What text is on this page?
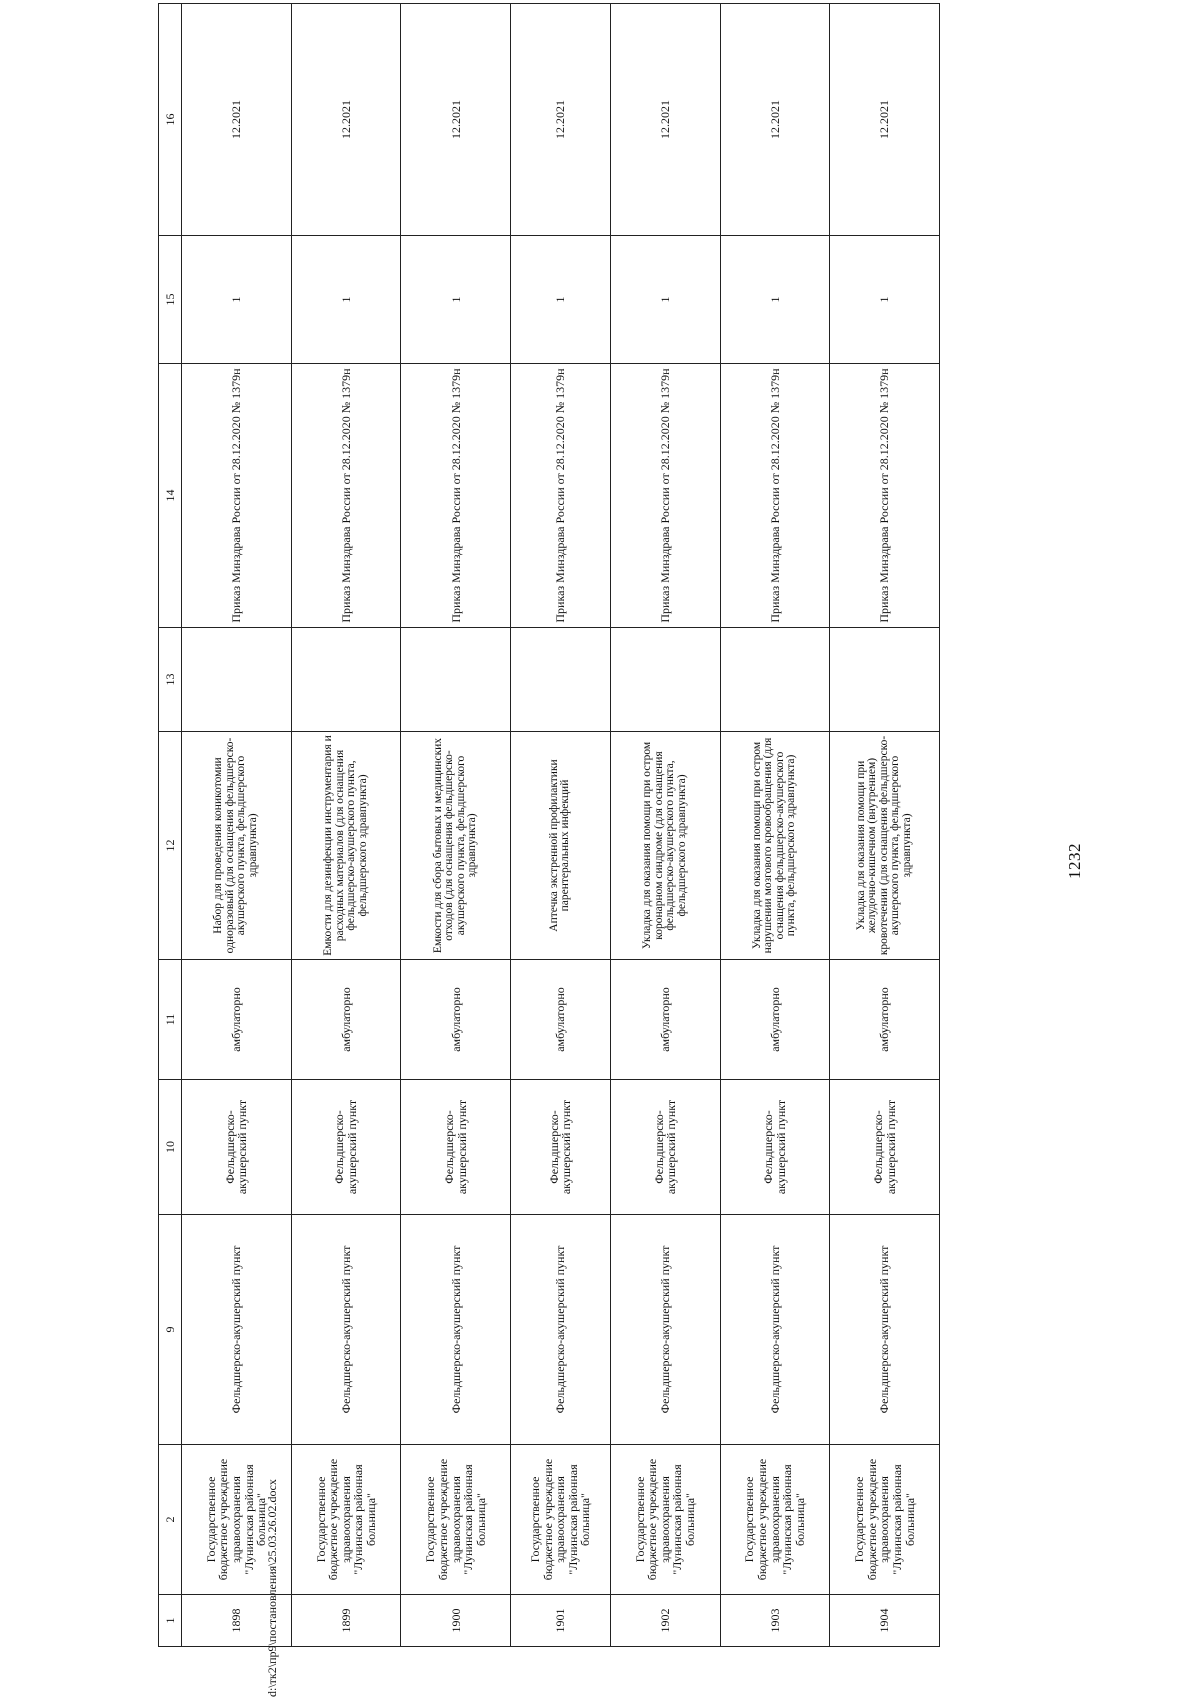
1232
1	2	9	10	11	12	13	14	15	16
1898	Государственное бюджетное учреждение здравоохранения "Лунинская районная больница"	Фельдшерско-акушерский пункт	Фельдшерско-акушерский пункт	амбулаторно	Набор для проведения коникотомии одноразовый (для оснащения фельдшерско-акушерского пункта, фельдшерского здравпункта)		Приказ Минздрава России от 28.12.2020 № 1379н	1	12.2021
1899	Государственное бюджетное учреждение здравоохранения "Лунинская районная больница"	Фельдшерско-акушерский пункт	Фельдшерско-акушерский пункт	амбулаторно	Емкости для дезинфекции инструментария и расходных материалов (для оснащения фельдшерско-акушерского пункта, фельдшерского здравпункта)		Приказ Минздрава России от 28.12.2020 № 1379н	1	12.2021
1900	Государственное бюджетное учреждение здравоохранения "Лунинская районная больница"	Фельдшерско-акушерский пункт	Фельдшерско-акушерский пункт	амбулаторно	Емкости для сбора бытовых и медицинских отходов (для оснащения фельдшерско-акушерского пункта, фельдшерского здравпункта)		Приказ Минздрава России от 28.12.2020 № 1379н	1	12.2021
1901	Государственное бюджетное учреждение здравоохранения "Лунинская районная больница"	Фельдшерско-акушерский пункт	Фельдшерско-акушерский пункт	амбулаторно	Аптечка экстренной профилактики парентеральных инфекций		Приказ Минздрава России от 28.12.2020 № 1379н	1	12.2021
1902	Государственное бюджетное учреждение здравоохранения "Лунинская районная больница"	Фельдшерско-акушерский пункт	Фельдшерско-акушерский пункт	амбулаторно	Укладка для оказания помощи при остром коронарном синдроме (для оснащения фельдшерско-акушерского пункта, фельдшерского здравпункта)		Приказ Минздрава России от 28.12.2020 № 1379н	1	12.2021
1903	Государственное бюджетное учреждение здравоохранения "Лунинская районная больница"	Фельдшерско-акушерский пункт	Фельдшерско-акушерский пункт	амбулаторно	Укладка для оказания помощи при остром нарушении мозгового кровообращения (для оснащения фельдшерско-акушерского пункта, фельдшерского здравпункта)		Приказ Минздрава России от 28.12.2020 № 1379н	1	12.2021
1904	Государственное бюджетное учреждение здравоохранения "Лунинская районная больница"	Фельдшерско-акушерский пункт	Фельдшерско-акушерский пункт	амбулаторно	Укладка для оказания помощи при желудочно-кишечном (внутреннем) кровотечении (для оснащения фельдшерско-акушерского пункта, фельдшерского здравпункта)		Приказ Минздрава России от 28.12.2020 № 1379н	1	12.2021
d:\тк2\пр9\постановления\25.03.26.02.docx
